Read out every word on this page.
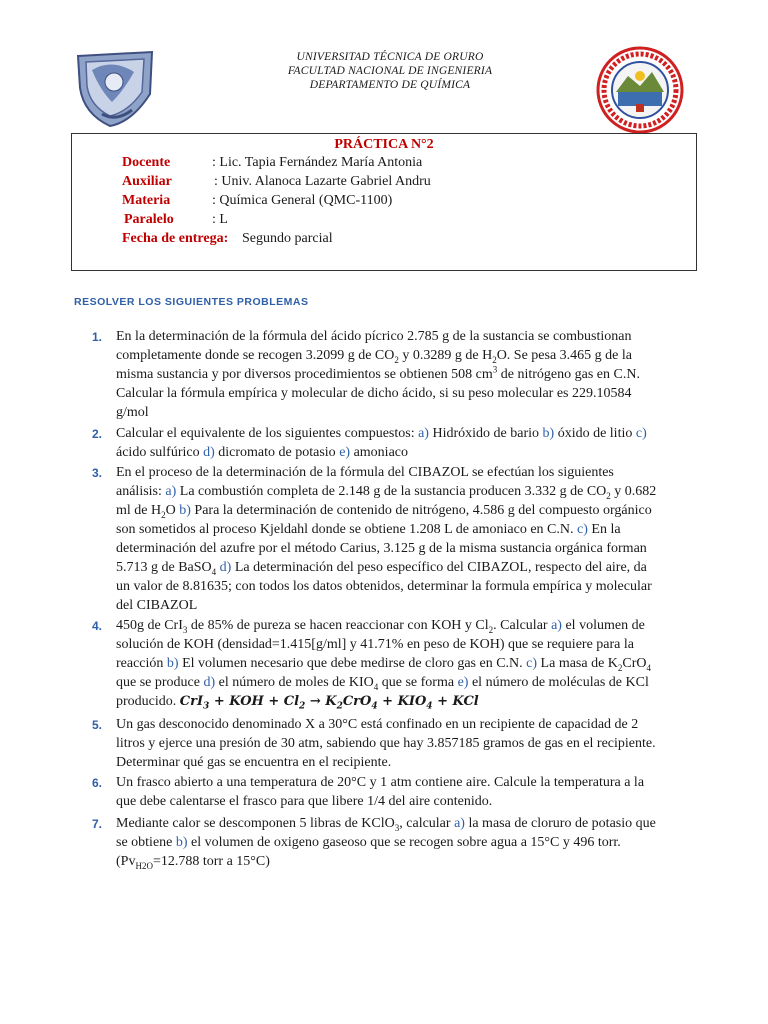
UNIVERSITAD TÉCNICA DE ORURO
FACULTAD NACIONAL DE INGENIERIA
DEPARTAMENTO DE QUÍMICA
PRÁCTICA N°2
Docente	: Lic. Tapia Fernández María Antonia
Auxiliar	: Univ. Alanoca Lazarte Gabriel Andru
Materia	: Química General (QMC-1100)
Paralelo	: L
Fecha de entrega: Segundo parcial
RESOLVER LOS SIGUIENTES PROBLEMAS
1. En la determinación de la fórmula del ácido pícrico 2.785 g de la sustancia se combustionan
completamente donde se recogen 3.2099 g de $CO_2$ y 0.3289 g de $H_2O$. Se pesa 3.465 g de la
misma sustancia y por diversos procedimientos se obtienen 508 $cm^3$ de nitrógeno gas en C.N.
Calcular la fórmula empírica y molecular de dicho ácido, si su peso molecular es 229.10584
g/mol
2. Calcular el equivalente de los siguientes compuestos: a) Hidróxido de bario b) óxido de litio c)
ácido sulfúrico d) dicromato de potasio e) amoniaco
3. En el proceso de la determinación de la fórmula del CIBAZOL se efectúan los siguientes
análisis: a) La combustión completa de 2.148 g de la sustancia producen 3.332 g de $CO_2$ y 0.682
ml de $H_2O$ b) Para la determinación de contenido de nitrógeno, 4.586 g del compuesto orgánico
son sometidos al proceso Kjeldahl donde se obtiene 1.208 L de amoniaco en C.N. c) En la
determinación del azufre por el método Carius, 3.125 g de la misma sustancia orgánica forman
5.713 g de BaSO$_4$ d) La determinación del peso específico del CIBAZOL, respecto del aire, da
un valor de 8.81635; con todos los datos obtenidos, determinar la formula empírica y molecular
del CIBAZOL
4. 450g de CrI$_3$ de 85% de pureza se hacen reaccionar con KOH y $Cl_2$. Calcular a) el volumen de
solución de KOH (densidad=1.415[g/ml] y 41.71% en peso de KOH) que se requiere para la
reacción b) El volumen necesario que debe medirse de cloro gas en C.N. c) La masa de $K_2CrO_4$
que se produce d) el número de moles de $KIO_4$ que se forma e) el número de moléculas de KCl
producido. CrI$_3$ + KOH + $Cl_2 \to K_2CrO_4 + KIO_4$ + KCl
5. Un gas desconocido denominado X a 30°C está confinado en un recipiente de capacidad de 2
litros y ejerce una presión de 30 atm, sabiendo que hay 3.857185 gramos de gas en el recipiente.
Determinar qué gas se encuentra en el recipiente.
6. Un frasco abierto a una temperatura de 20°C y 1 atm contiene aire. Calcule la temperatura a la
que debe calentarse el frasco para que libere 1/4 del aire contenido.
7. Mediante calor se descomponen 5 libras de KClO$_3$, calcular a) la masa de cloruro de potasio que
se obtiene b) el volumen de oxigeno gaseoso que se recogen sobre agua a 15°C y 496 torr.
($Pv_{H2O}=12.788$ torr a 15°C)
